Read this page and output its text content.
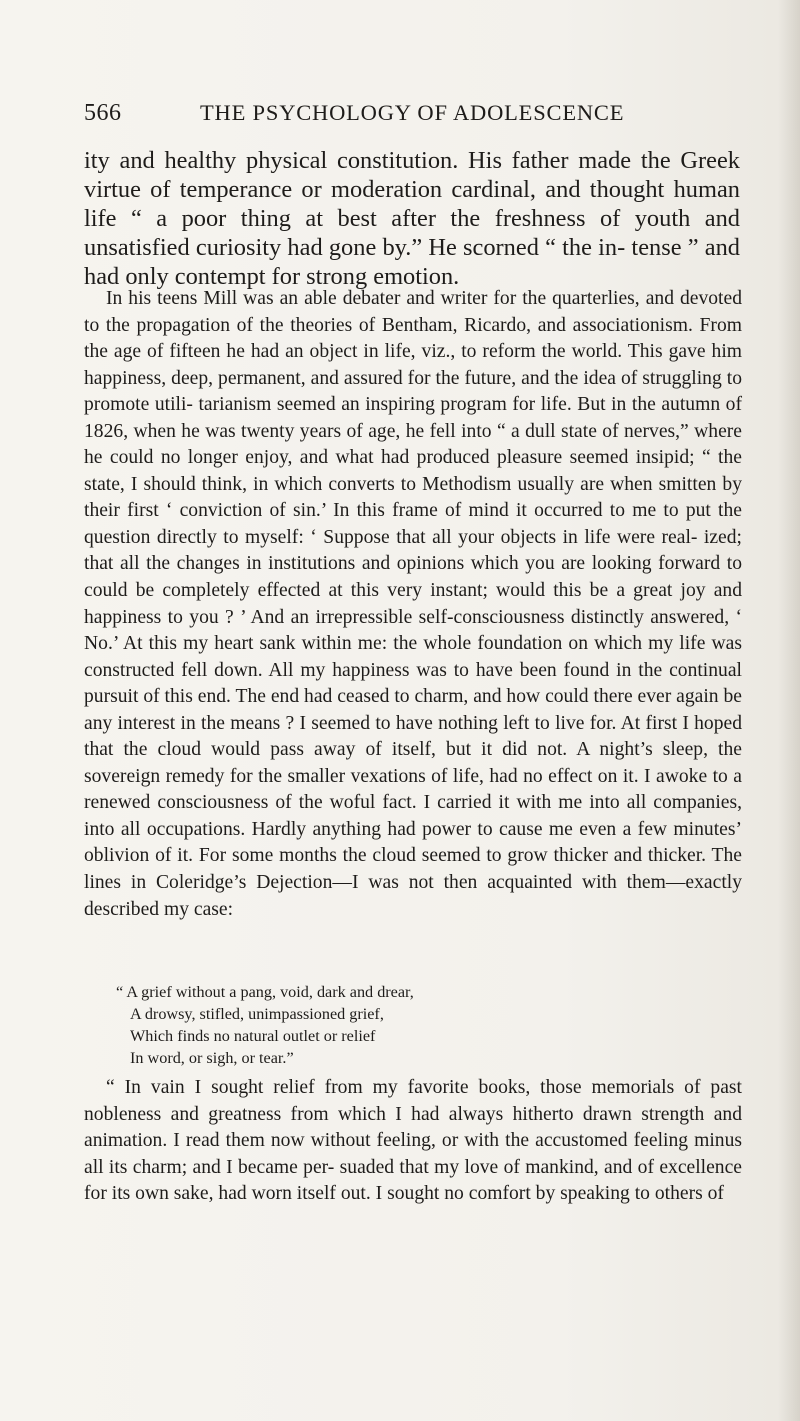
566	THE PSYCHOLOGY OF ADOLESCENCE

ity and healthy physical constitution. His father made the Greek virtue of temperance or moderation cardinal, and thought human life “ a poor thing at best after the freshness of youth and unsatisfied curiosity had gone by.” He scorned “ the in- tense ” and had only contempt for strong emotion.

In his teens Mill was an able debater and writer for the quarterlies, and devoted to the propagation of the theories of Bentham, Ricardo, and associationism. From the age of fifteen he had an object in life, viz., to reform the world. This gave him happiness, deep, permanent, and assured for the future, and the idea of struggling to promote utili- tarianism seemed an inspiring program for life. But in the autumn of 1826, when he was twenty years of age, he fell into “ a dull state of nerves,” where he could no longer enjoy, and what had produced pleasure seemed insipid; “ the state, I should think, in which converts to Methodism usually are when smitten by their first ‘ conviction of sin.’ In this frame of mind it occurred to me to put the question directly to myself: ‘ Suppose that all your objects in life were real- ized; that all the changes in institutions and opinions which you are looking forward to could be completely effected at this very instant; would this be a great joy and happiness to you ? ’ And an irrepressible self-consciousness distinctly answered, ‘ No.’ At this my heart sank within me: the whole foundation on which my life was constructed fell down. All my happiness was to have been found in the continual pursuit of this end. The end had ceased to charm, and how could there ever again be any interest in the means ? I seemed to have nothing left to live for. At first I hoped that the cloud would pass away of itself, but it did not. A night’s sleep, the sovereign remedy for the smaller vexations of life, had no effect on it. I awoke to a renewed consciousness of the woful fact. I carried it with me into all companies, into all occupations. Hardly anything had power to cause me even a few minutes’ oblivion of it. For some months the cloud seemed to grow thicker and thicker. The lines in Coleridge’s Dejection—I was not then acquainted with them—exactly described my case:

“ A grief without a pang, void, dark and drear,
A drowsy, stifled, unimpassioned grief,
Which finds no natural outlet or relief
In word, or sigh, or tear.”

“ In vain I sought relief from my favorite books, those memorials of past nobleness and greatness from which I had always hitherto drawn strength and animation. I read them now without feeling, or with the accustomed feeling minus all its charm; and I became per- suaded that my love of mankind, and of excellence for its own sake, had worn itself out. I sought no comfort by speaking to others of
